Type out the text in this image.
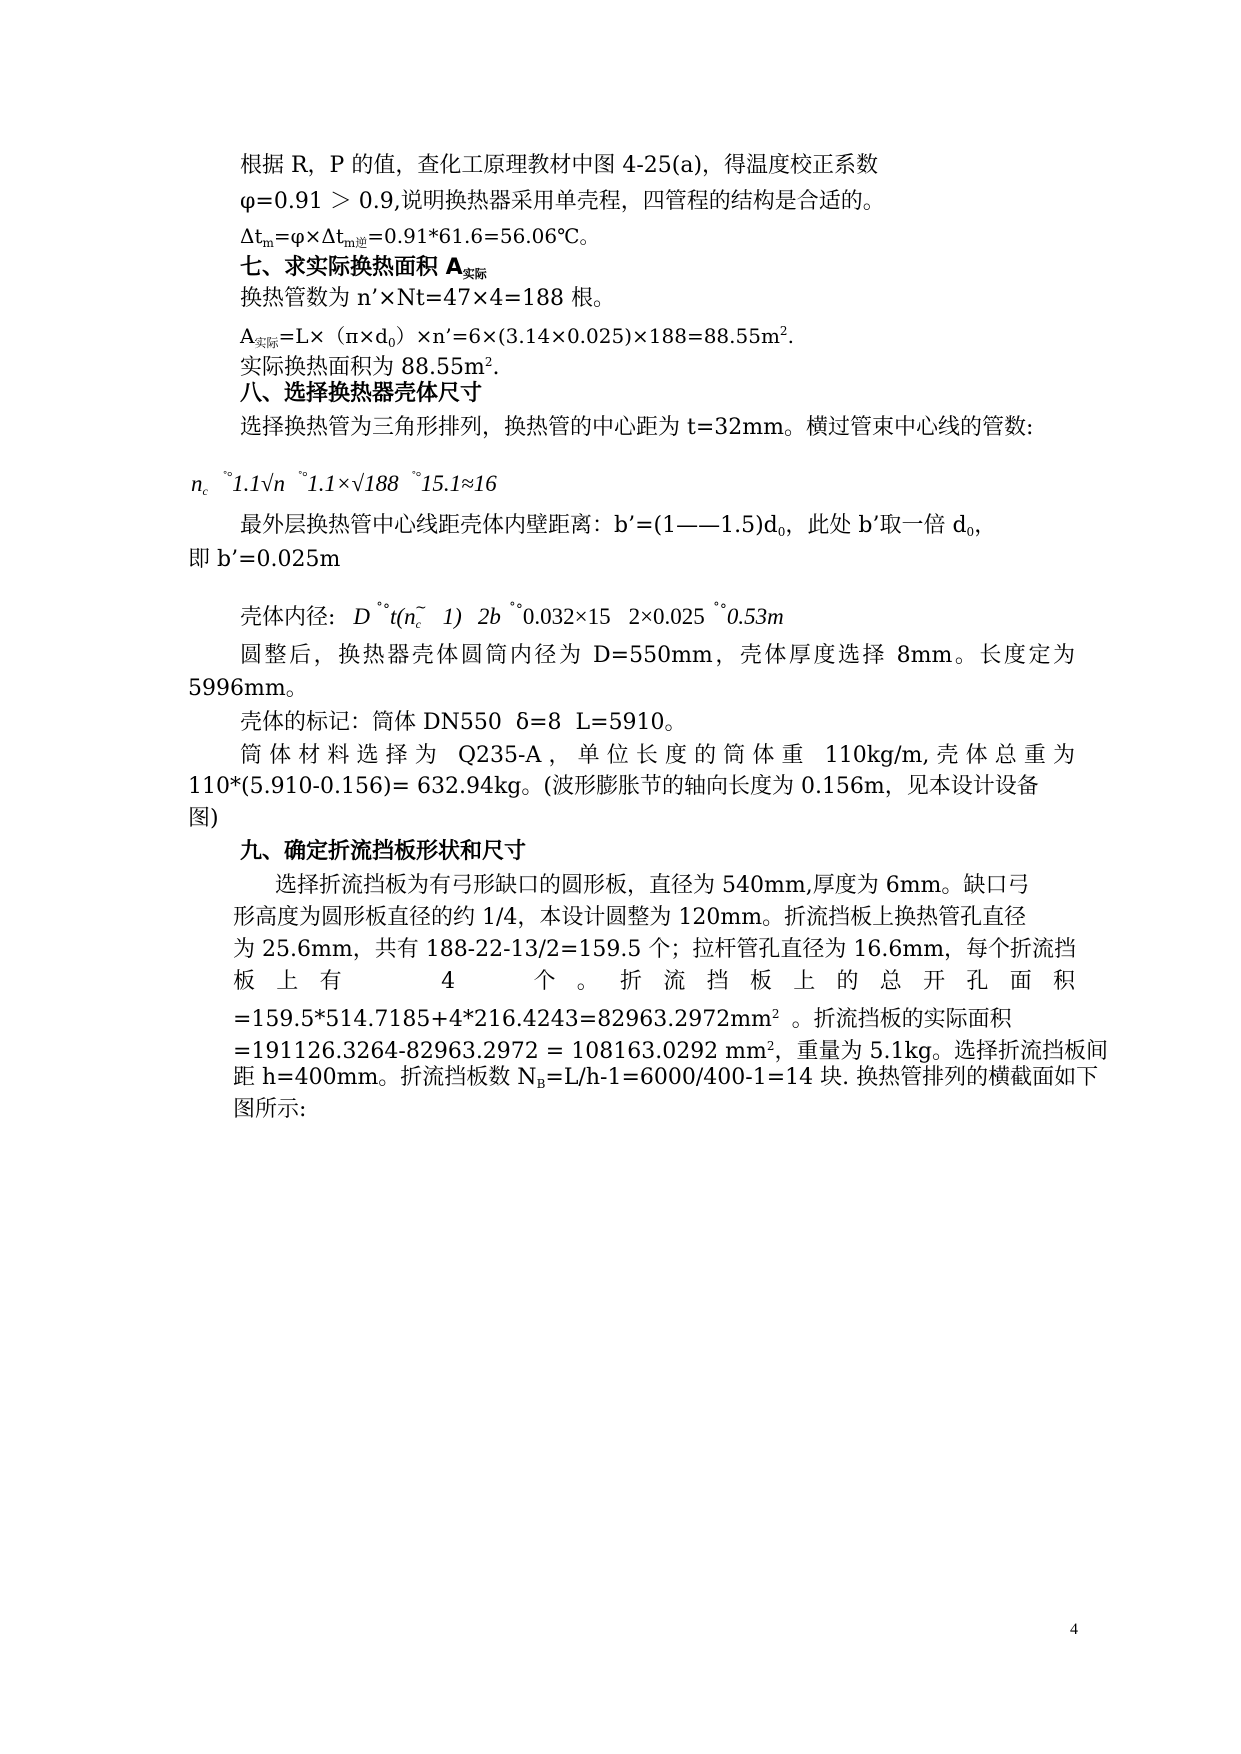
根据 R，P 的值，查化工原理教材中图 4-25(a)，得温度校正系数
φ=0.91 ＞ 0.9,说明换热器采用单壳程，四管程的结构是合适的。
$\Delta t_m=\varphi\times\Delta t_{m逆}=0.91*61.6=56.06℃$。
七、求实际换热面积 $A_{实际}$
换热管数为 n’×Nt=47×4=188 根。
$A_{实际}=L\times(\pi\times d_0)\times n’=6\times(3.14\times 0.025)\times 188=88.55m^2$.
实际换热面积为 $88.55m^2$.
八、选择换热器壳体尺寸
选择换热管为三角形排列，换热管的中心距为 t=32mm。横过管束中心线的管数:
$n_c^{˚^\circ}1.1√n$ ˚°1.1×√188 ˚°15.1≈16
最外层换热管中心线距壳体内壁距离：$b’=(1——1.5)d_0$，此处 b’取一倍 $d_0$，
即 b’=0.025m
壳体内径: D $^{˚^\circ}t(n_c^\sim$ 1) 2b ˚°0.032×15 2×0.025 ˚°0.53m
圆整后，换热器壳体圆筒内径为 D=550mm，壳体厚度选择 8mm。长度定为
5996mm。
壳体的标记：筒体 DN550  δ=8  L=5910。
筒体材料选择为 Q235-A，单位长度的筒体重 110kg/m,壳体总重为
110*(5.910-0.156)= 632.94kg。(波形膨胀节的轴向长度为 0.156m，见本设计设备
图)
九、确定折流挡板形状和尺寸
选择折流挡板为有弓形缺口的圆形板，直径为 540mm,厚度为 6mm。缺口弓
形高度为圆形板直径的约 1/4，本设计圆整为 120mm。折流挡板上换热管孔直径
为 25.6mm，共有 188-22-13/2=159.5 个；拉杆管孔直径为 16.6mm，每个折流挡
板上有 4 个。折流挡板上的总开孔面积
$=159.5*514.7185+4*216.4243=82963.2972mm^2$ 。折流挡板的实际面积
=191126.3264-82963.2972 = 108163.0292 $mm^2$，重量为 5.1kg。选择折流挡板间
距 h=400mm。折流挡板数 $N_B=L/h-1=6000/400-1=14$ 块. 换热管排列的横截面如下
图所示:
4
